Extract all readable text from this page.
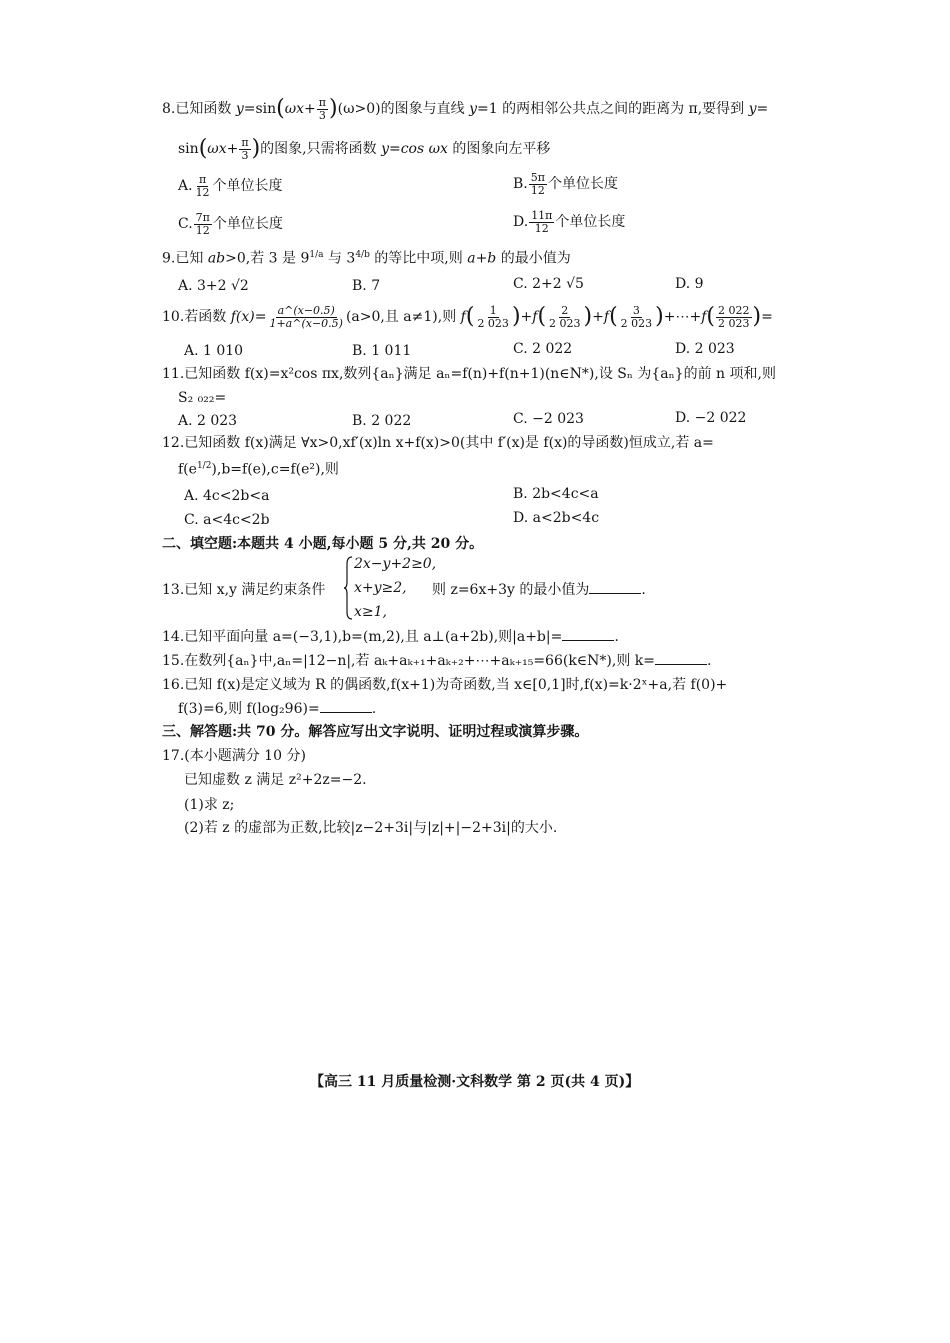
8.已知函数 $y=\sin(\omega x+ \frac{\pi}{3} )(\omega>0)$的图象与直线 y=1 的两相邻公共点之间的距离为 π,要得到 y=
$\sin(\omega x+ \frac{\pi}{3}$ )的图象,只需将函数 y=cos ωx 的图象向左平移
A. $\frac{\pi}{12}$ 个单位长度	B. $\frac{5\pi}{12}$ 个单位长度
C. $\frac{7\pi}{12}$ 个单位长度	D. $\frac{11\pi}{12}$ 个单位长度
9.已知 ab>0,若 3 是 $9^{1/a}$ 与 $3^{4/b}$ 的等比中项,则 a+b 的最小值为
A. 3+2 √2	B. 7	C. 2+2 √5	D. 9
10.若函数 $f(x)= \frac{a\^{}(x-0.5)}{1+a\^{}(x-0.5)} (a>0$,且 a≠1),则 $f( \frac{1}{2 023} )+f( \frac{2}{2 023} )+f( \frac{3}{2 023}$ )+⋯+f( $\frac{2 022}{2 023}$ )=
A. 1 010	B. 1 011	C. 2 022	D. 2 023
11.已知函数 f(x)=x²cos πx,数列{aₙ}满足 aₙ=f(n)+f(n+1)(n∈N*),设 Sₙ 为{aₙ}的前 n 项和,则
S₂ ₀₂₂=
A. 2 023	B. 2 022	C. −2 023	D. −2 022
12.已知函数 f(x)满足 ∀x>0,xf′(x)ln x+f(x)>0(其中 f′(x)是 f(x)的导函数)恒成立,若 a=
$f(e^{1/2}),b=f(e),c=f(e^2)$,则
A. 4c<2b<a	B. 2b<4c<a
C. a<4c<2b	D. a<2b<4c
二、填空题:本题共 4 小题,每小题 5 分,共 20 分。
13.已知 x,y 满足约束条件
2x−y+2≥0,
x+y≥2,
x≥1,
则 z=6x+3y 的最小值为	.
14.已知平面向量 a=(−3,1),b=(m,2),且 a⊥(a+2b),则|a+b|=	.
15.在数列{aₙ}中,aₙ=|12−n|,若 aₖ+aₖ₊₁+aₖ₊₂+⋯+aₖ₊₁₅=66(k∈N*),则 k=	.
16.已知 f(x)是定义域为 R 的偶函数,f(x+1)为奇函数,当 x∈[0,1]时,f(x)=k·2ˣ+a,若 f(0)+
f(3)=6,则 f(log₂96)=	.
三、解答题:共 70 分。解答应写出文字说明、证明过程或演算步骤。
17.(本小题满分 10 分)
已知虚数 z 满足 z²+2z=−2.
(1)求 z;
(2)若 z 的虚部为正数,比较|z−2+3i|与|z|+|−2+3i|的大小.
【高三 11 月质量检测·文科数学 第 2 页(共 4 页)】
